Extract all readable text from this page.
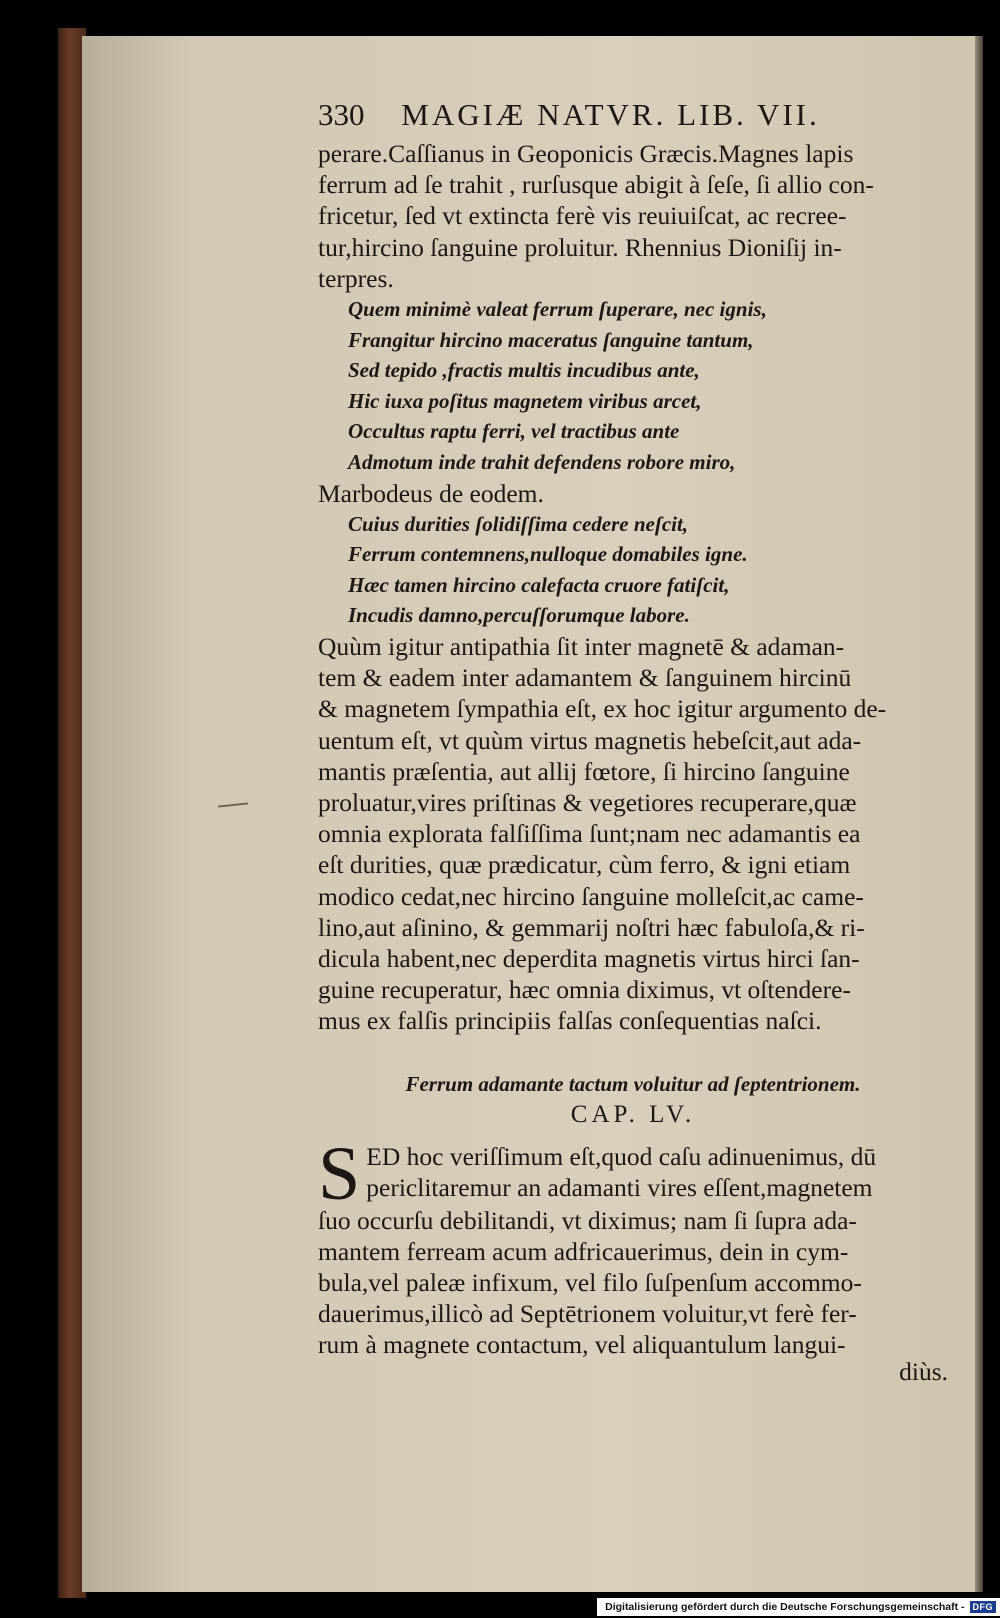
330 MAGIÆ NATVR. LIB. VII.
perare.Caſſianus in Geoponicis Græcis.Magnes lapis
ferrum ad ſe trahit , rurſusque abigit à ſeſe, ſi allio con-
fricetur, ſed vt extincta ferè vis reuiuiſcat, ac recree-
tur,hircino ſanguine proluitur. Rhennius Dioniſij in-
terpres.
Quem minimè valeat ferrum ſuperare, nec ignis,
Frangitur hircino maceratus ſanguine tantum,
Sed tepido ,fractis multis incudibus ante,
Hic iuxa poſitus magnetem viribus arcet,
Occultus raptu ferri, vel tractibus ante
Admotum inde trahit defendens robore miro,
Marbodeus de eodem.
Cuius durities ſolidiſſima cedere neſcit,
Ferrum contemnens,nulloque domabiles igne.
Hæc tamen hircino calefacta cruore fatiſcit,
Incudis damno,percuſſorumque labore.
Quùm igitur antipathia ſit inter magnetē & adaman-
tem & eadem inter adamantem & ſanguinem hircinū
& magnetem ſympathia eſt, ex hoc igitur argumento de-
uentum eſt, vt quùm virtus magnetis hebeſcit,aut ada-
mantis præſentia, aut allij fœtore, ſi hircino ſanguine
proluatur,vires priſtinas & vegetiores recuperare,quæ
omnia explorata falſiſſima ſunt;nam nec adamantis ea
eſt durities, quæ prædicatur, cùm ferro, & igni etiam
modico cedat,nec hircino ſanguine molleſcit,ac came-
lino,aut aſinino, & gemmarij noſtri hæc fabuloſa,& ri-
dicula habent,nec deperdita magnetis virtus hirci ſan-
guine recuperatur, hæc omnia diximus, vt oſtendere-
mus ex falſis principiis falſas conſequentias naſci.
Ferrum adamante tactum voluitur ad ſeptentrionem.
CAP. LV.
S ED hoc veriſſimum eſt,quod caſu adinuenimus, dū
periclitaremur an adamanti vires eſſent,magnetem
ſuo occurſu debilitandi, vt diximus; nam ſi ſupra ada-
mantem ferream acum adfricauerimus, dein in cym-
bula,vel paleæ infixum, vel filo ſuſpenſum accommo-
dauerimus,illicò ad Septētrionem voluitur,vt ferè fer-
rum à magnete contactum, vel aliquantulum langui-
diùs.
Digitalisierung gefördert durch die Deutsche Forschungsgemeinschaft - DFG
